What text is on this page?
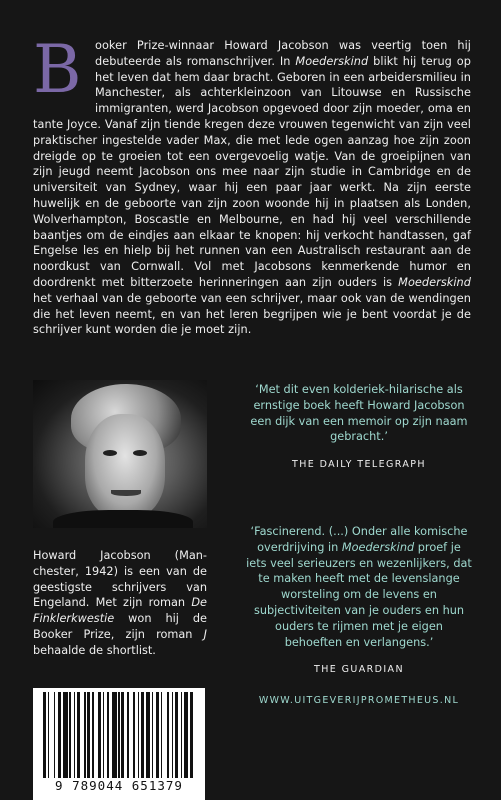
B	ooker Prize-winnaar Howard Jacobson was veertig toen hij debuteerde als romanschrijver. In Moederskind blikt hij terug op het leven dat hem daar bracht. Geboren in een arbeidersmilieu in Manchester, als achterkleinzoon van Litouwse en Russische immigranten, werd Jacobson opgevoed door zijn moeder, oma en tante Joyce. Vanaf zijn tiende kregen deze vrouwen tegenwicht van zijn veel praktischer ingestelde vader Max, die met lede ogen aanzag hoe zijn zoon dreigde op te groeien tot een overgevoelig watje. Van de groeipijnen van zijn jeugd neemt Jacobson ons mee naar zijn studie in Cambridge en de universiteit van Sydney, waar hij een paar jaar werkt. Na zijn eerste huwelijk en de geboorte van zijn zoon woonde hij in plaatsen als Londen, Wolverhampton, Boscastle en Melbourne, en had hij veel verschillende baantjes om de eindjes aan elkaar te knopen: hij verkocht handtassen, gaf Engelse les en hielp bij het runnen van een Australisch restaurant aan de noordkust van Cornwall. Vol met Jacobsons kenmerkende humor en doordrenkt met bitterzoete herinneringen aan zijn ouders is Moederskind het verhaal van de geboorte van een schrijver, maar ook van de wendingen die het leven neemt, en van het leren begrijpen wie je bent voordat je de schrijver kunt worden die je moet zijn.
Howard Jacobson (Manchester, 1942) is een van de geestigste schrijvers van Engeland. Met zijn roman De Finklerkwestie won hij de Booker Prize, zijn roman J behaalde de shortlist.
‘Met dit even kolderiek-hilarische als ernstige boek heeft Howard Jacobson een dijk van een memoir op zijn naam gebracht.’
THE DAILY TELEGRAPH
‘Fascinerend. (...) Onder alle komische overdrijving in Moederskind proef je iets veel serieuzers en wezenlijkers, dat te maken heeft met de levenslange worsteling om de levens en subjectiviteiten van je ouders en hun ouders te rijmen met je eigen behoeften en verlangens.’
THE GUARDIAN
9 789044 651379
WWW.UITGEVERIJPROMETHEUS.NL
